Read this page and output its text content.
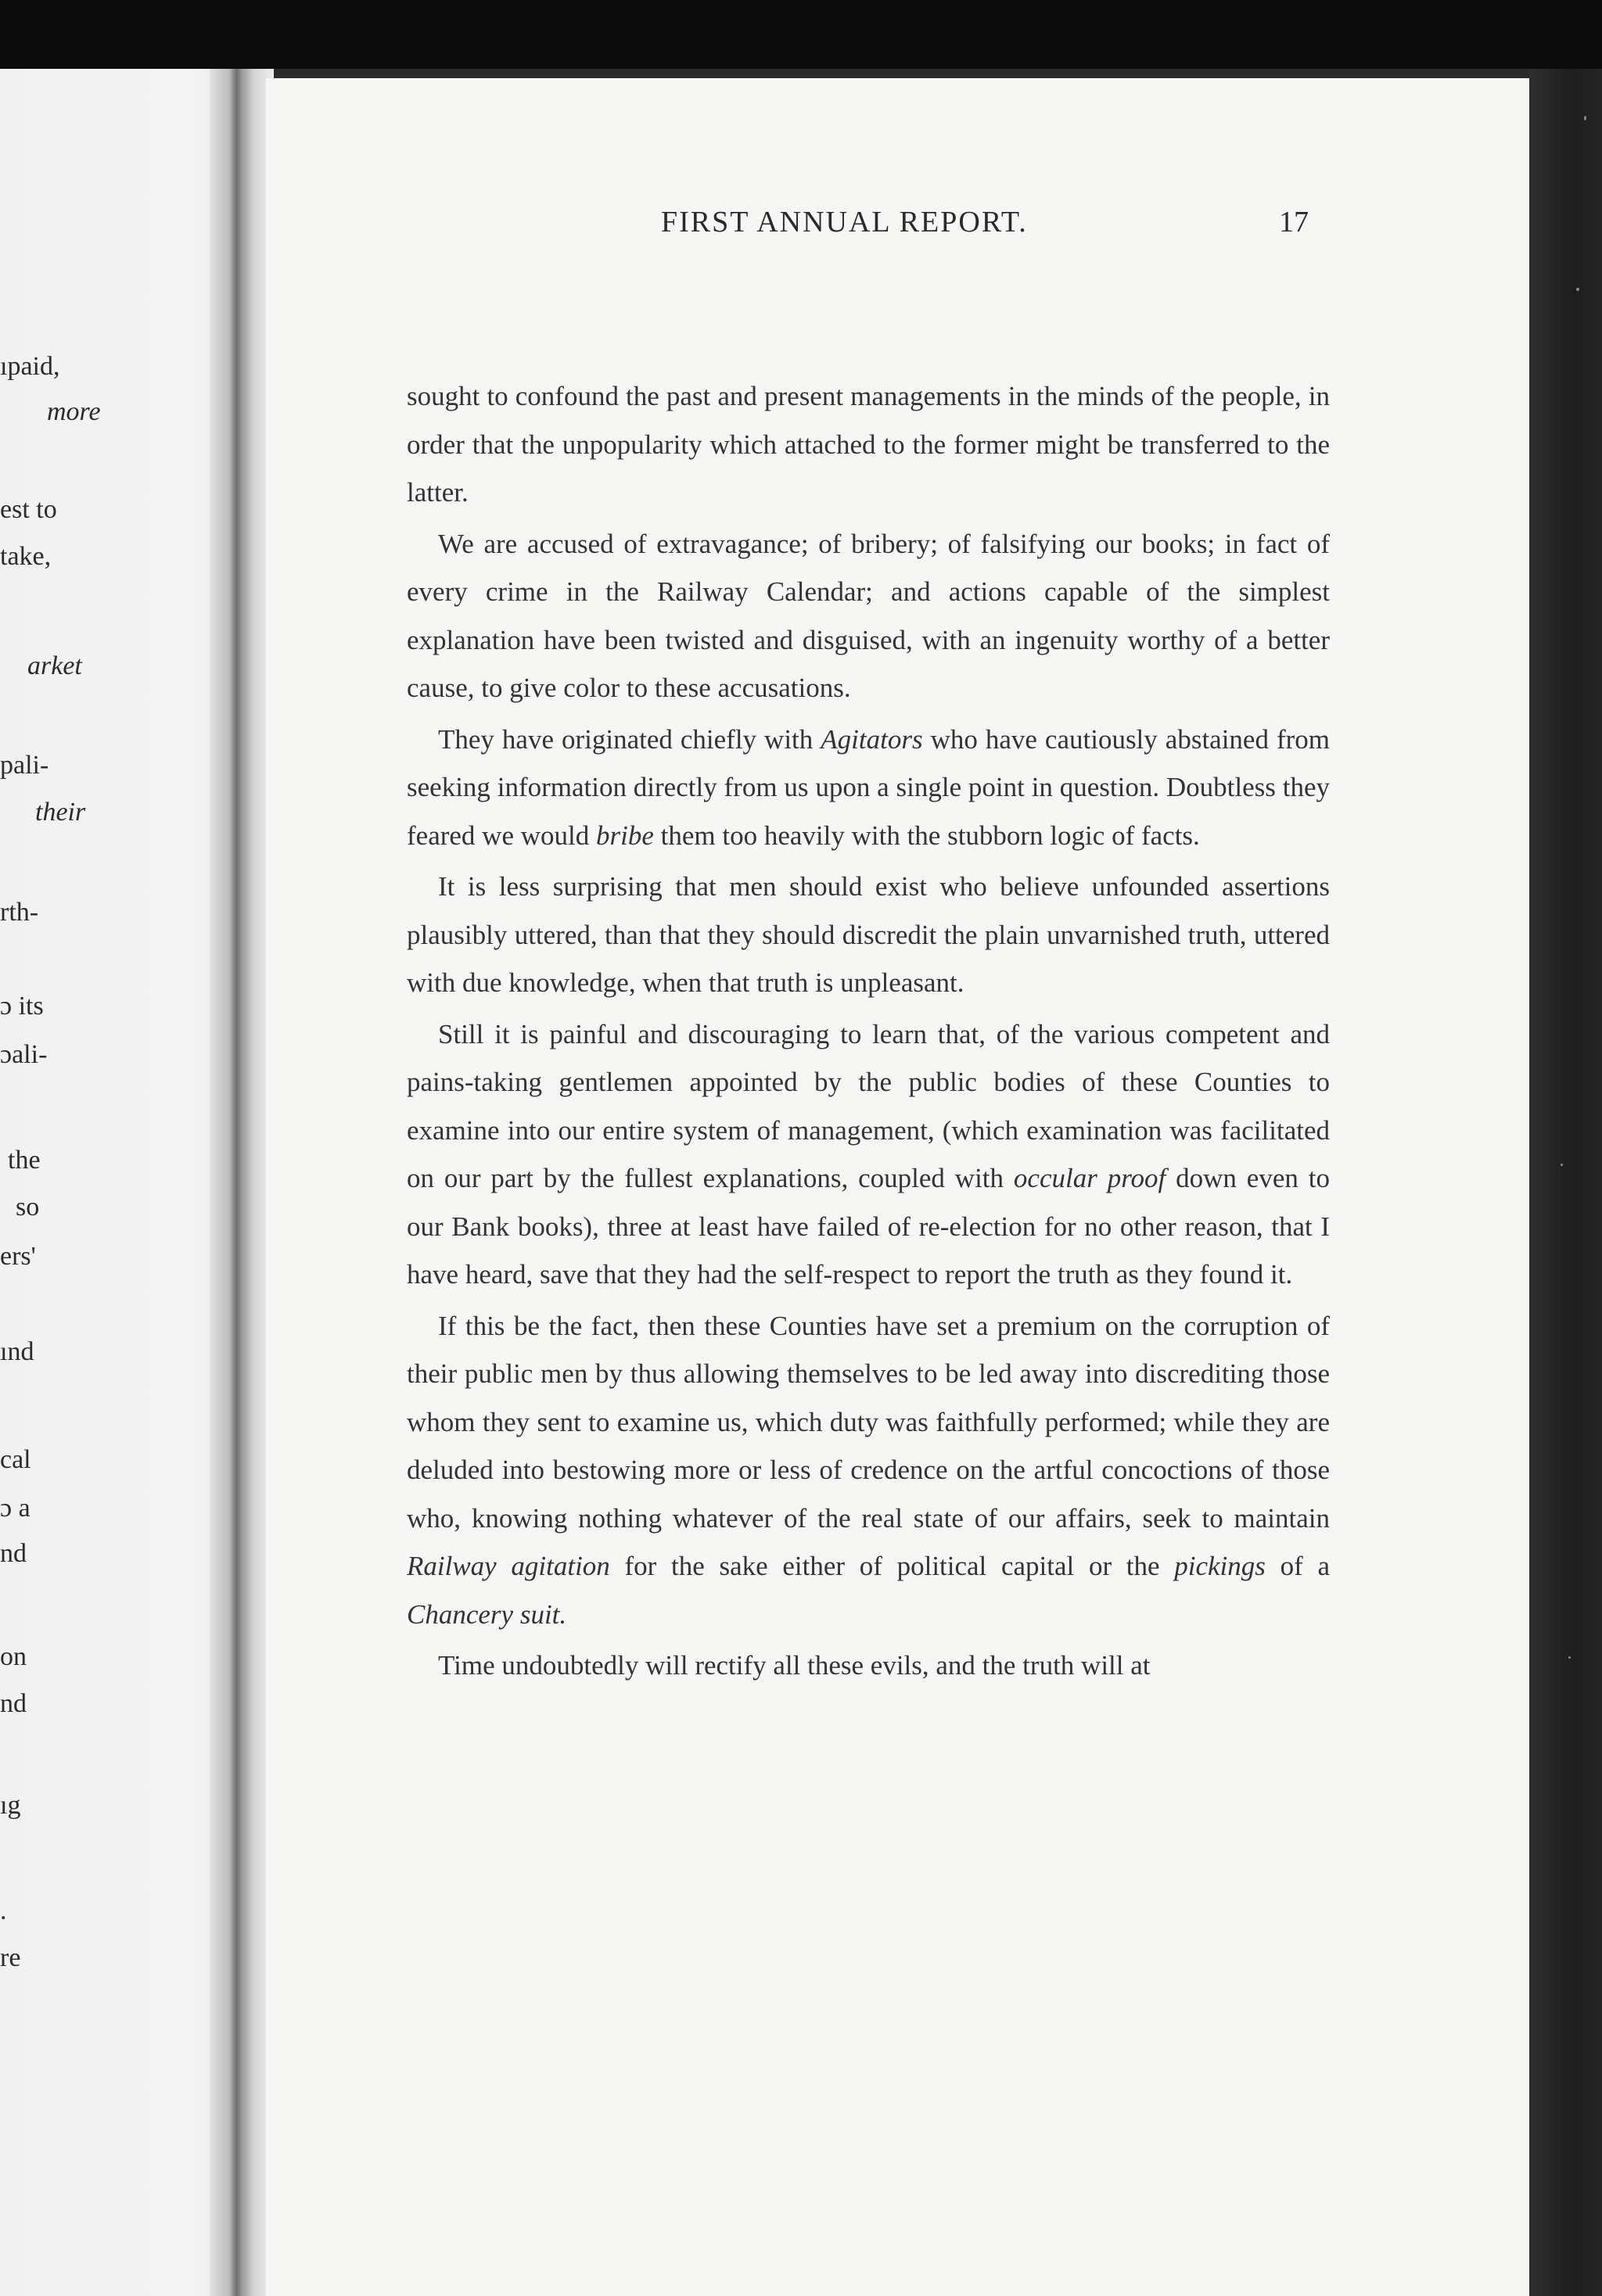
ıpaid,
more
est to
take,
arket
pali-
their
rth-
ɔ its
ɔali-
the
so
ers'
ınd
cal
ɔ a
nd
on
nd
ıg
.
re
FIRST ANNUAL REPORT.	17

sought to confound the past and present managements in the minds of the people, in order that the unpopularity which attached to the former might be transferred to the latter.

We are accused of extravagance; of bribery; of falsifying our books; in fact of every crime in the Railway Calendar; and actions capable of the simplest explanation have been twisted and disguised, with an ingenuity worthy of a better cause, to give color to these accusations.

They have originated chiefly with Agitators who have cautiously abstained from seeking information directly from us upon a single point in question. Doubtless they feared we would bribe them too heavily with the stubborn logic of facts.

It is less surprising that men should exist who believe unfounded assertions plausibly uttered, than that they should discredit the plain unvarnished truth, uttered with due knowledge, when that truth is unpleasant.

Still it is painful and discouraging to learn that, of the various competent and pains-taking gentlemen appointed by the public bodies of these Counties to examine into our entire system of management, (which examination was facilitated on our part by the fullest explanations, coupled with occular proof down even to our Bank books), three at least have failed of re-election for no other reason, that I have heard, save that they had the self-respect to report the truth as they found it.

If this be the fact, then these Counties have set a premium on the corruption of their public men by thus allowing themselves to be led away into discrediting those whom they sent to examine us, which duty was faithfully performed; while they are deluded into bestowing more or less of credence on the artful concoctions of those who, knowing nothing whatever of the real state of our affairs, seek to maintain Railway agitation for the sake either of political capital or the pickings of a Chancery suit.

Time undoubtedly will rectify all these evils, and the truth will at
